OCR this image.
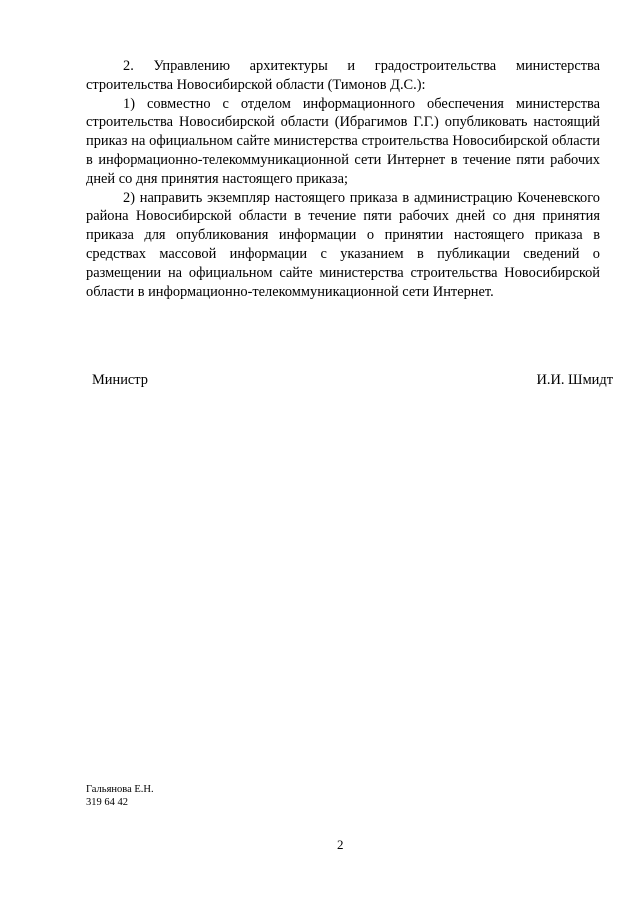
2. Управлению архитектуры и градостроительства министерства строительства Новосибирской области (Тимонов Д.С.):

1) совместно с отделом информационного обеспечения министерства строительства Новосибирской области (Ибрагимов Г.Г.) опубликовать настоящий приказ на официальном сайте министерства строительства Новосибирской области в информационно-телекоммуникационной сети Интернет в течение пяти рабочих дней со дня принятия настоящего приказа;

2) направить экземпляр настоящего приказа в администрацию Коченевского района Новосибирской области в течение пяти рабочих дней со дня принятия приказа для опубликования информации о принятии настоящего приказа в средствах массовой информации с указанием в публикации сведений о размещении на официальном сайте министерства строительства Новосибирской области в информационно-телекоммуникационной сети Интернет.

Министр	И.И. Шмидт
Гальянова Е.Н.
319 64 42
2
